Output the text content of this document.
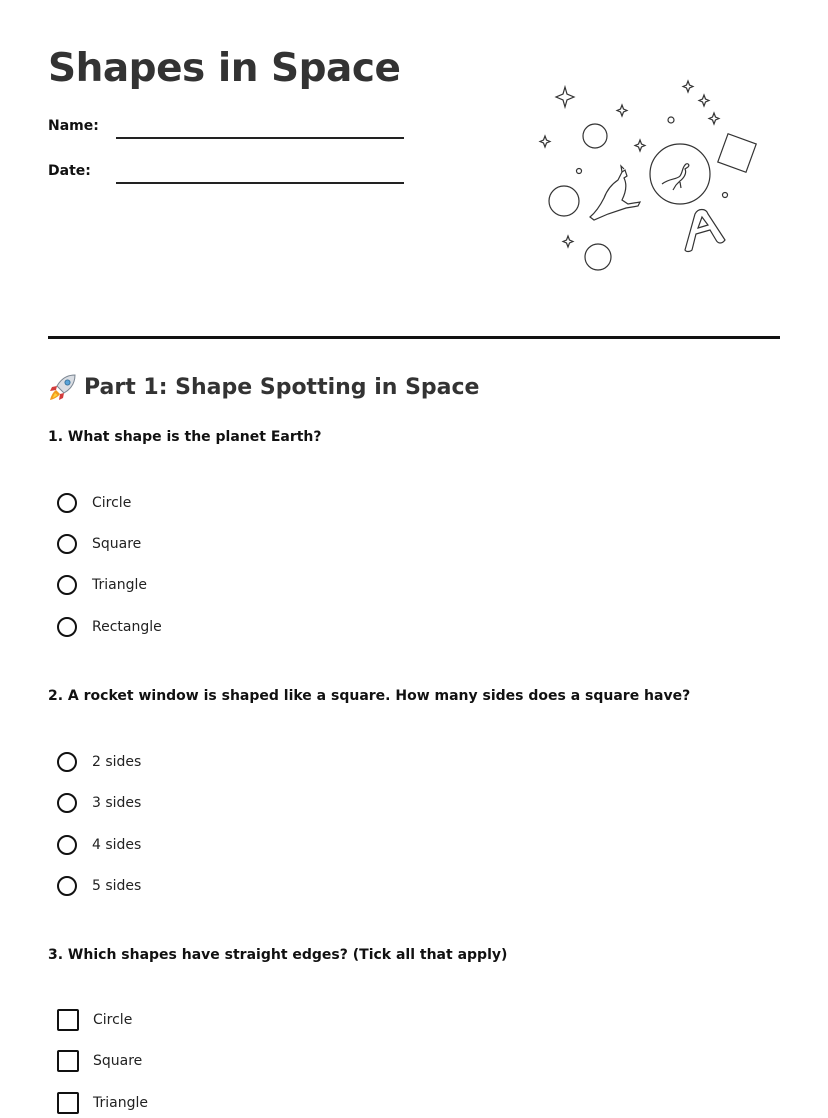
Shapes in Space
Name:
Date:
Part 1: Shape Spotting in Space

1. What shape is the planet Earth?

Circle
Square
Triangle
Rectangle

2. A rocket window is shaped like a square. How many sides does a square have?

2 sides
3 sides
4 sides
5 sides

3. Which shapes have straight edges? (Tick all that apply)

Circle
Square
Triangle
